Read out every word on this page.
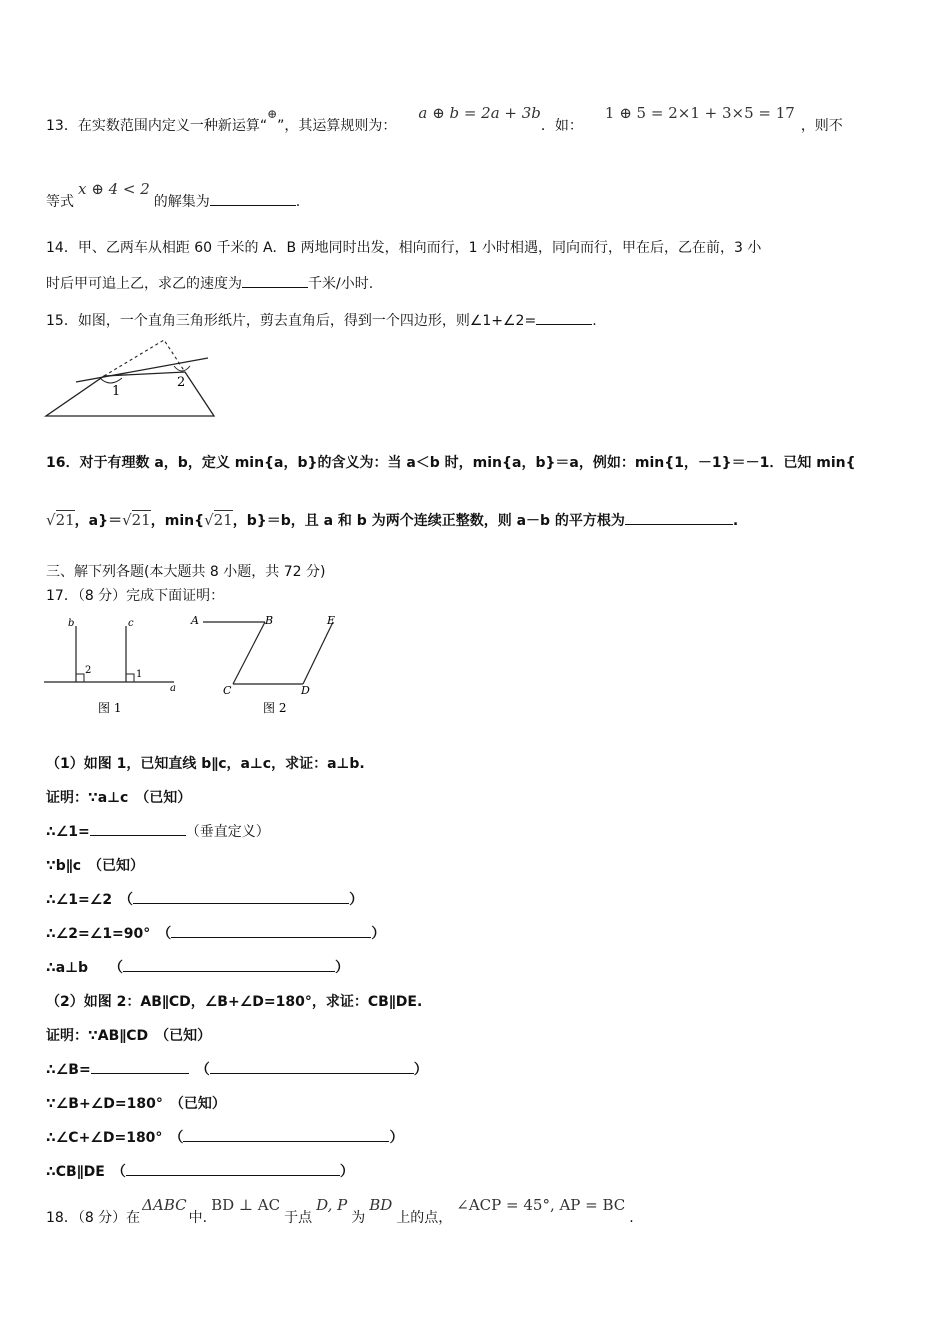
13．在实数范围内定义一种新运算“⊕”，其运算规则为：a ⊕ b = 2a + 3b．如：1 ⊕ 5 = 2×1 + 3×5 = 17，则不
等式x ⊕ 4 < 2的解集为	.
14．甲、乙两车从相距 60 千米的 A．B 两地同时出发，相向而行，1 小时相遇，同向而行，甲在后，乙在前，3 小
时后甲可追上乙，求乙的速度为	千米/小时.
15．如图，一个直角三角形纸片，剪去直角后，得到一个四边形，则∠1+∠2=	.
1
2
16．对于有理数 a，b，定义 min{a，b}的含义为：当 a＜b 时，min{a，b}＝a，例如：min{1，－1}＝－1．已知 min{
√21，a}＝√21，min{√21，b}＝b，且 a 和 b 为两个连续正整数，则 a－b 的平方根为	.
三、解下列各题(本大题共 8 小题，共 72 分)
17．（8 分）完成下面证明：
b	c
2	1
a
图 1
A	B	E
C	D
图 2
（1）如图 1，已知直线 b∥c，a⊥c，求证：a⊥b.
证明：∵a⊥c　（已知）
∴∠1=	（垂直定义）
∵b∥c　（已知）
∴∠1=∠2　（	）
∴∠2=∠1=90°　（	）
∴a⊥b　　（	）
（2）如图 2：AB∥CD，∠B+∠D=180°，求证：CB∥DE.
证明：∵AB∥CD　（已知）
∴∠B=	　（	）
∵∠B+∠D=180°　（已知）
∴∠C+∠D=180°　（	）
∴CB∥DE　（	）
18．（8 分）在ΔABC中.BD ⊥ AC于点D, P为BD上的点，∠ACP = 45°, AP = BC.
